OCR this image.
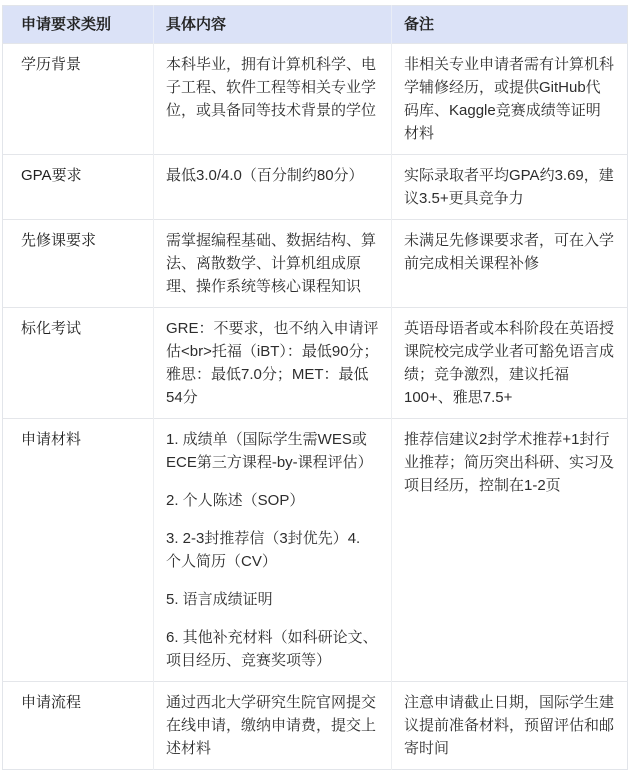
申请要求类别	具体内容	备注
学历背景	本科毕业，拥有计算机科学、电子工程、软件工程等相关专业学位，或具备同等技术背景的学位	非相关专业申请者需有计算机科学辅修经历，或提供GitHub代码库、Kaggle竞赛成绩等证明材料
GPA要求	最低3.0/4.0（百分制约80分）	实际录取者平均GPA约3.69，建议3.5+更具竞争力
先修课要求	需掌握编程基础、数据结构、算法、离散数学、计算机组成原理、操作系统等核心课程知识	未满足先修课要求者，可在入学前完成相关课程补修
标化考试	GRE：不要求，也不纳入申请评估<br>托福（iBT）：最低90分；雅思：最低7.0分；MET：最低54分	英语母语者或本科阶段在英语授课院校完成学业者可豁免语言成绩；竞争激烈，建议托福100+、雅思7.5+
申请材料	1. 成绩单（国际学生需WES或ECE第三方课程-by-课程评估）

2. 个人陈述（SOP）

3. 2-3封推荐信（3封优先）4. 个人简历（CV）

5. 语言成绩证明

6. 其他补充材料（如科研论文、项目经历、竞赛奖项等）	推荐信建议2封学术推荐+1封行业推荐；简历突出科研、实习及项目经历，控制在1-2页
申请流程	通过西北大学研究生院官网提交在线申请，缴纳申请费，提交上述材料	注意申请截止日期，国际学生建议提前准备材料，预留评估和邮寄时间
